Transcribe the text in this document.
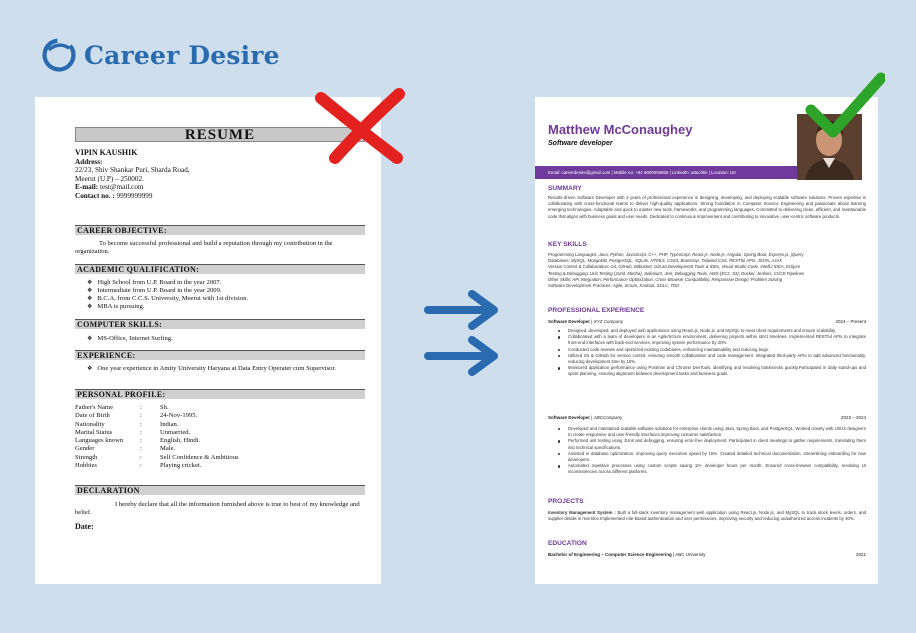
Career Desire
RESUME
VIPIN KAUSHIK
Address:
22/23, Shiv Shankar Puri, Sharda Road,
Meerut (U.P) – 250002.
E-mail: test@mail.com
Contact no. : 9999999999
CAREER OBJECTIVE:
To become successful professional and build a reputation through my contribution in the organization.
ACADEMIC QUALIFICATION:
❖ High School from U.P. Board in the year 2007.
❖ Intermediate from U.P. Board in the year 2009.
❖ B.C.A. from C.C.S. University, Meerut with 1st division.
❖ MBA is pursuing.
COMPUTER SKILLS:
❖ MS-Office, Internet Surfing.
EXPERIENCE:
❖ One year experience in Amity University Haryana at Data Entry Operater cum Supervisor.
PERSONAL PROFILE:
Father's Name	:	Sh.
Date of Birth	:	24-Nov-1995.
Nationality	:	Indian.
Marital Status	:	Unmarried.
Languages known	:	English, Hindi.
Gender	:	Male.
Strength	:	Self Confidence & Ambitious
Hobbies	:	Playing cricket.
DECLARATION
I hereby declare that all the information furnished above is true to best of my knowledge and belief.
Date:
Matthew McConaughey
Software developer
Email: careerdesire@gmail.com | Mobile no: +91 9000093936 | LinkedIn: attachlin | Location: UK
SUMMARY
Results-driven Software Developer with 2 years of professional experience in designing, developing, and deploying scalable software solutions. Proven expertise in collaborating with cross-functional teams to deliver high-quality applications. Strong foundation in Computer Science Engineering and passionate about learning emerging technologies. Adaptable and quick to master new tools, frameworks, and programming languages. Committed to delivering clean, efficient, and maintainable code that aligns with business goals and user needs. Dedicated to continuous improvement and contributing to innovative, user-centric software products.
KEY SKILLS
Programming Languages: Java, Python, JavaScript, C++, PHP, TypeScript, React.js, Node.js, Angular, Spring Boot, Express.js, jQuery
Databases: MySQL, MongoDB, PostgreSQL, SQLite, HTML5, CSS3, Bootstrap, Tailwind CSS, RESTful APIs, JSON, AJAX
Version Control & Collaboration: Git, GitHub, Bitbucket, GitLab,Development Tools & IDEs, Visual Studio Code, IntelliJ IDEA, Eclipse
Testing & Debugging: Unit Testing (JUnit, Mocha), Selenium, Jest, Debugging Tools, AWS (EC2, S3), Docker, Jenkins, CI/CD Pipelines
Other Skills: API Integration, Performance Optimization, Cross-Browser Compatibility, Responsive Design, Problem Solving
Software Development Practices: Agile, Scrum, Kanban, SDLC, TDD
PROFESSIONAL EXPERIENCE
Software Developer | XYZ Company	2024 – Present
Designed, developed, and deployed web applications using React.js, Node.js, and MySQL to meet client requirements and ensure scalability.
Collaborated with a team of developers in an Agile/Scrum environment, delivering projects within strict timelines. Implemented RESTful APIs to integrate front-end interfaces with back-end services, improving system performance by 20%.
Conducted code reviews and optimized existing codebases, enhancing maintainability and reducing bugs.
Utilized Git & GitHub for version control, ensuring smooth collaboration and code management. Integrated third-party APIs to add advanced functionality, reducing development time by 15%.
Monitored application performance using Postman and Chrome DevTools, identifying and resolving bottlenecks quickly.Participated in daily stand-ups and sprint planning, ensuring alignment between development tasks and business goals.
Software Developer | ABCCompany	2023 – 2024
Developed and maintained scalable software solutions for enterprise clients using Java, Spring Boot, and PostgreSQL. Worked closely with UI/UX designers to create responsive and user-friendly interfaces,improving customer satisfaction.
Performed unit testing using JUnit and debugging, ensuring error-free deployment. Participated in client meetings to gather requirements, translating them into technical specifications.
Assisted in database optimization, improving query execution speed by 15%. Created detailed technical documentation, streamlining onboarding for new developers.
Automated repetitive processes using custom scripts saving 10+ developer hours per month. Ensured cross-browser compatibility, resolving UI inconsistencies across different platforms.
PROJECTS
Inventory Management System : Built a full-stack inventory management web application using React.js, Node.js, and MySQL to track stock levels, orders, and supplier details in real time.Implemented role-based authentication and user permissions, improving security and reducing unauthorized access incidents by 30%.
EDUCATION
Bachelor of Engineering – Computer Science Engineering | ABC University	2021
